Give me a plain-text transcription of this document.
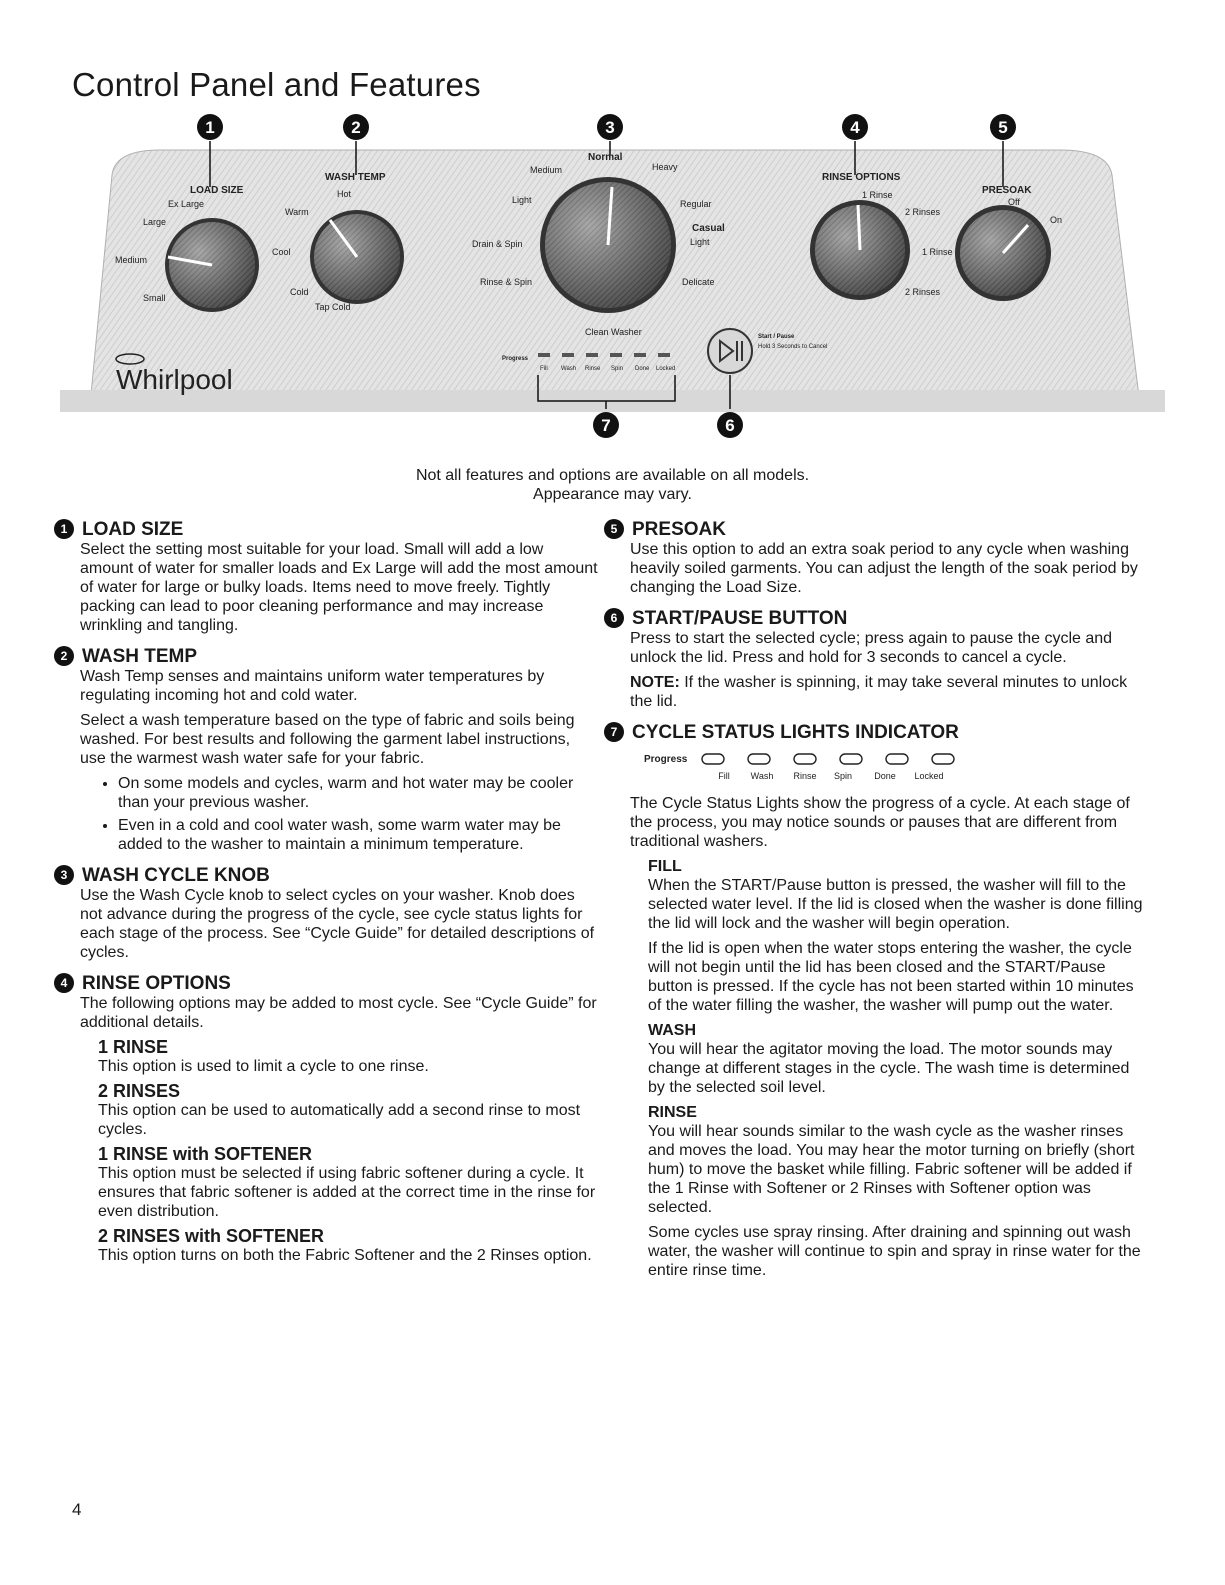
Control Panel and Features
LOAD SIZE
Ex Large
Large
Medium
Small
WASH TEMP
Hot
Warm
Cool
Cold
Tap Cold
Medium
Normal
Heavy
Light
Drain & Spin
Rinse & Spin
Regular
Casual
Light
Delicate
Clean Washer
RINSE OPTIONS
1 Rinse
2 Rinses
1 Rinse
2 Rinses
PRESOAK
Off
On
Start / Pause
Hold 3 Seconds to Cancel
Progress
Fill Wash Rinse Spin Done Locked
Whirlpool
1	2	3	4	5
7	6
Not all features and options are available on all models.
Appearance may vary.
1 LOAD SIZE

Select the setting most suitable for your load. Small will add a low amount of water for smaller loads and Ex Large will add the most amount of water for large or bulky loads. Items need to move freely. Tightly packing can lead to poor cleaning performance and may increase wrinkling and tangling.

2 WASH TEMP

Wash Temp senses and maintains uniform water temperatures by regulating incoming hot and cold water.

Select a wash temperature based on the type of fabric and soils being washed. For best results and following the garment label instructions, use the warmest wash water safe for your fabric.

• On some models and cycles, warm and hot water may be cooler than your previous washer.
• Even in a cold and cool water wash, some warm water may be added to the washer to maintain a minimum temperature.
3 WASH CYCLE KNOB

Use the Wash Cycle knob to select cycles on your washer. Knob does not advance during the progress of the cycle, see cycle status lights for each stage of the process. See “Cycle Guide” for detailed descriptions of cycles.

4 RINSE OPTIONS

The following options may be added to most cycle. See “Cycle Guide” for additional details.

1 RINSE
This option is used to limit a cycle to one rinse.
2 RINSES
This option can be used to automatically add a second rinse to most cycles.
1 RINSE with SOFTENER
This option must be selected if using fabric softener during a cycle. It ensures that fabric softener is added at the correct time in the rinse for even distribution.
2 RINSES with SOFTENER
This option turns on both the Fabric Softener and the 2 Rinses option.
5 PRESOAK

Use this option to add an extra soak period to any cycle when washing heavily soiled garments. You can adjust the length of the soak period by changing the Load Size.

6 START/PAUSE BUTTON

Press to start the selected cycle; press again to pause the cycle and unlock the lid. Press and hold for 3 seconds to cancel a cycle.

NOTE: If the washer is spinning, it may take several minutes to unlock the lid.

7 CYCLE STATUS LIGHTS INDICATOR
Progress
Fill Wash Rinse Spin Done Locked

The Cycle Status Lights show the progress of a cycle. At each stage of the process, you may notice sounds or pauses that are different from traditional washers.

FILL

When the START/Pause button is pressed, the washer will fill to the selected water level. If the lid is closed when the washer is done filling the lid will lock and the washer will begin operation.

If the lid is open when the water stops entering the washer, the cycle will not begin until the lid has been closed and the START/Pause button is pressed. If the cycle has not been started within 10 minutes of the water filling the washer, the washer will pump out the water.

WASH

You will hear the agitator moving the load. The motor sounds may change at different stages in the cycle. The wash time is determined by the selected soil level.

RINSE

You will hear sounds similar to the wash cycle as the washer rinses and moves the load. You may hear the motor turning on briefly (short hum) to move the basket while filling. Fabric softener will be added if the 1 Rinse with Softener or 2 Rinses with Softener option was selected.

Some cycles use spray rinsing. After draining and spinning out wash water, the washer will continue to spin and spray in rinse water for the entire rinse time.

4
